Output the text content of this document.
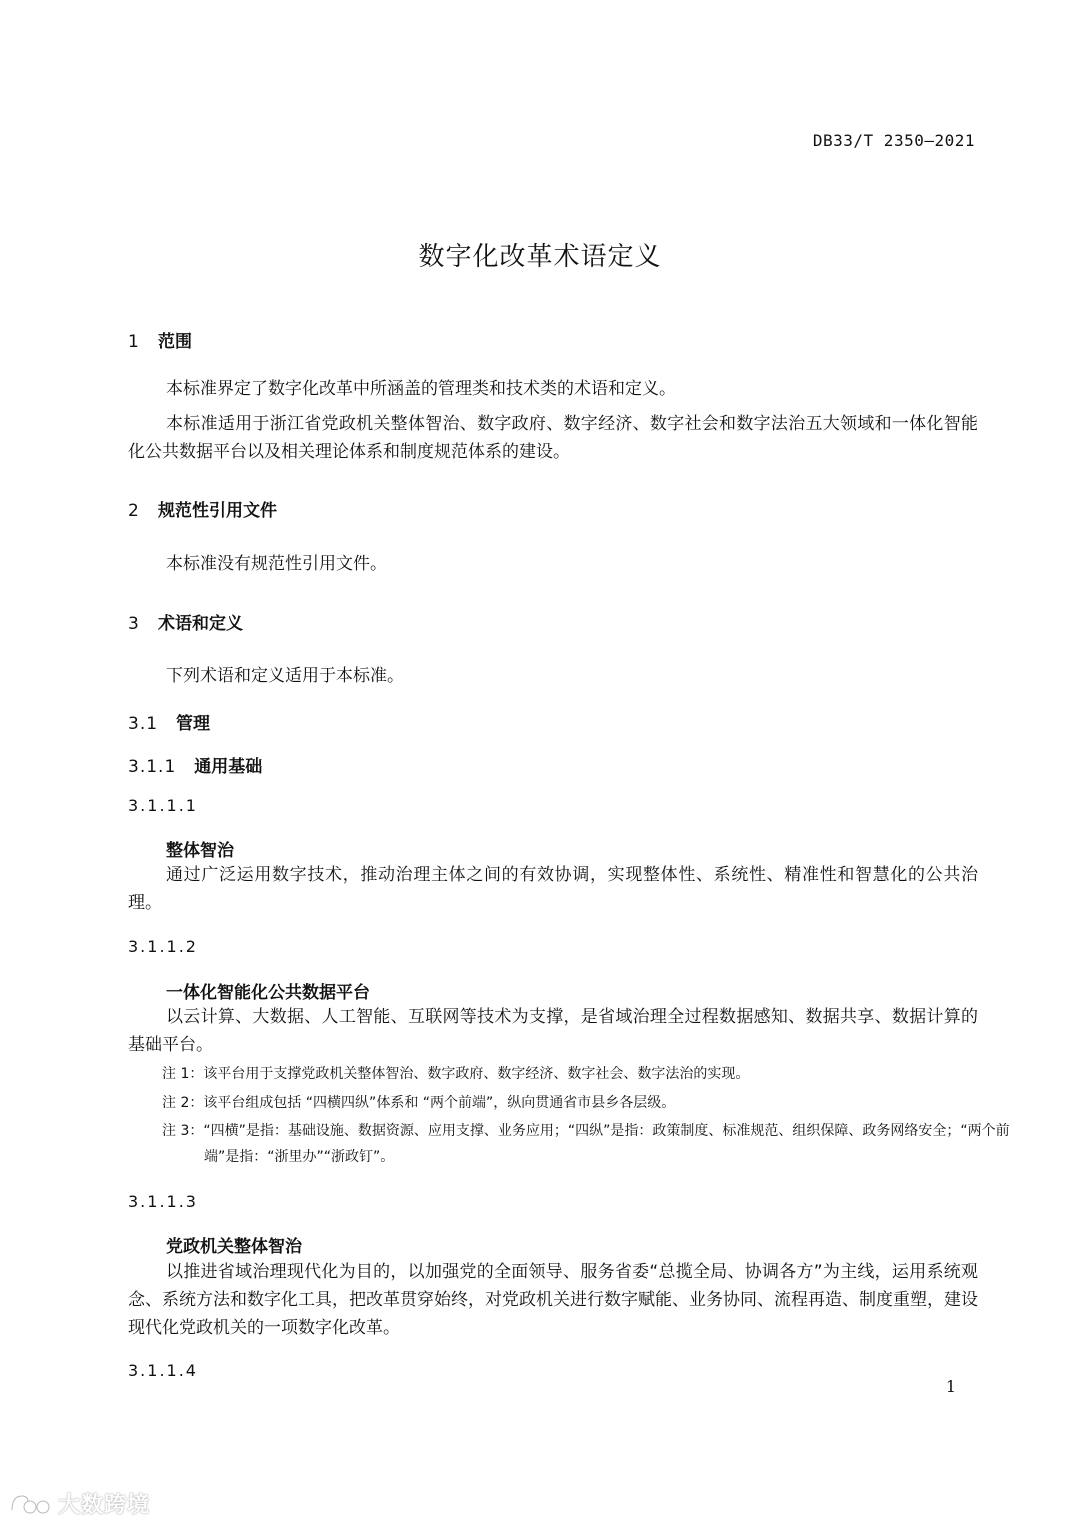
DB33/T 2350—2021
数字化改革术语定义
1 范围
本标准界定了数字化改革中所涵盖的管理类和技术类的术语和定义。
本标准适用于浙江省党政机关整体智治、数字政府、数字经济、数字社会和数字法治五大领域和一体化智能化公共数据平台以及相关理论体系和制度规范体系的建设。
2 规范性引用文件
本标准没有规范性引用文件。
3 术语和定义
下列术语和定义适用于本标准。
3.1 管理
3.1.1 通用基础
3.1.1.1
整体智治
通过广泛运用数字技术，推动治理主体之间的有效协调，实现整体性、系统性、精准性和智慧化的公共治理。
3.1.1.2
一体化智能化公共数据平台
以云计算、大数据、人工智能、互联网等技术为支撑，是省域治理全过程数据感知、数据共享、数据计算的基础平台。
注 1：该平台用于支撑党政机关整体智治、数字政府、数字经济、数字社会、数字法治的实现。
注 2：该平台组成包括 “四横四纵”体系和 “两个前端”，纵向贯通省市县乡各层级。
注 3：“四横”是指：基础设施、数据资源、应用支撑、业务应用；“四纵”是指：政策制度、标准规范、组织保障、政务网络安全；“两个前端”是指：“浙里办”“浙政钉”。
3.1.1.3
党政机关整体智治
以推进省域治理现代化为目的，以加强党的全面领导、服务省委“总揽全局、协调各方”为主线，运用系统观念、系统方法和数字化工具，把改革贯穿始终，对党政机关进行数字赋能、业务协同、流程再造、制度重塑，建设现代化党政机关的一项数字化改革。
3.1.1.4
1
大数跨境
